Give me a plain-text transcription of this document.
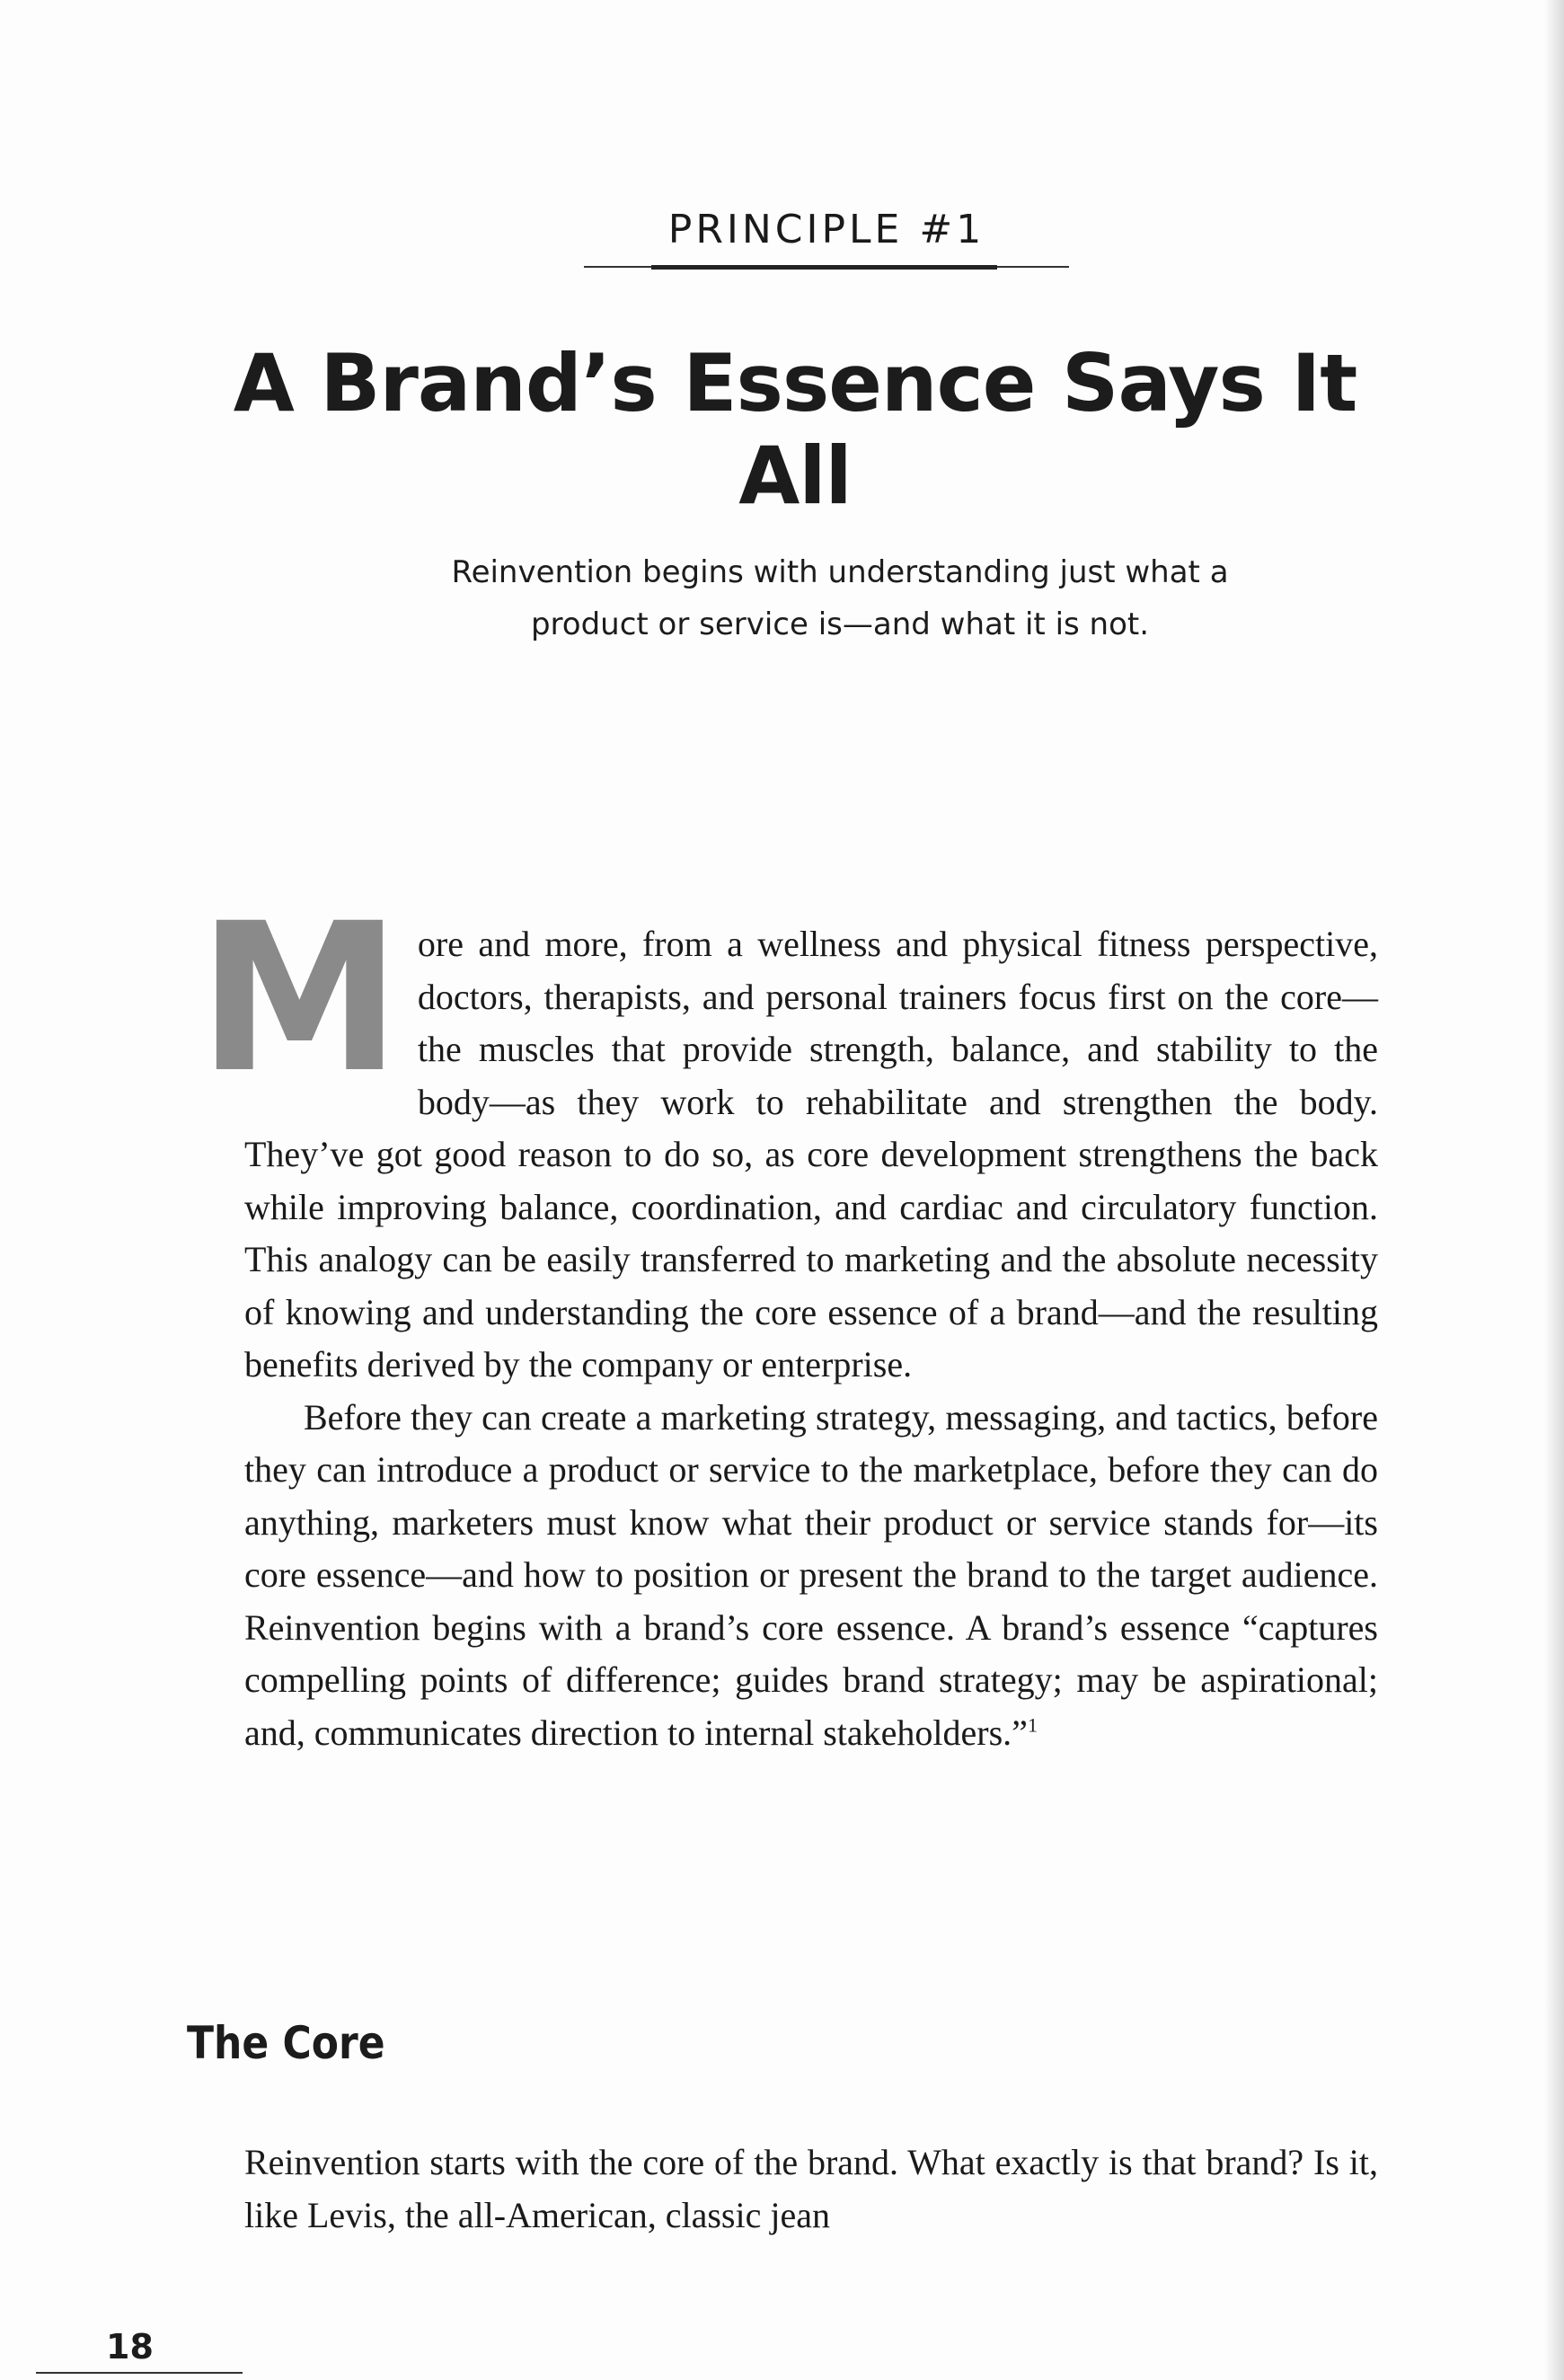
PRINCIPLE #1
A Brand’s Essence Says It All

Reinvention begins with understanding just what a
product or service is—and what it is not.

More and more, from a wellness and physical fitness perspective, doctors, therapists, and personal trainers focus first on the core—the muscles that provide strength, balance, and stability to the body—as they work to rehabilitate and strengthen the body. They’ve got good reason to do so, as core development strengthens the back while improving balance, coordination, and cardiac and circulatory function. This analogy can be easily transferred to marketing and the absolute necessity of knowing and understanding the core essence of a brand—and the resulting benefits derived by the company or enterprise.

Before they can create a marketing strategy, messaging, and tactics, before they can introduce a product or service to the marketplace, before they can do anything, marketers must know what their product or service stands for—its core essence—and how to position or present the brand to the target audience. Reinvention begins with a brand’s core essence. A brand’s essence “captures compelling points of difference; guides brand strategy; may be aspirational; and, communicates direction to internal stakeholders.”$^1$

The Core

Reinvention starts with the core of the brand. What exactly is that brand? Is it, like Levis, the all-American, classic jean

18
